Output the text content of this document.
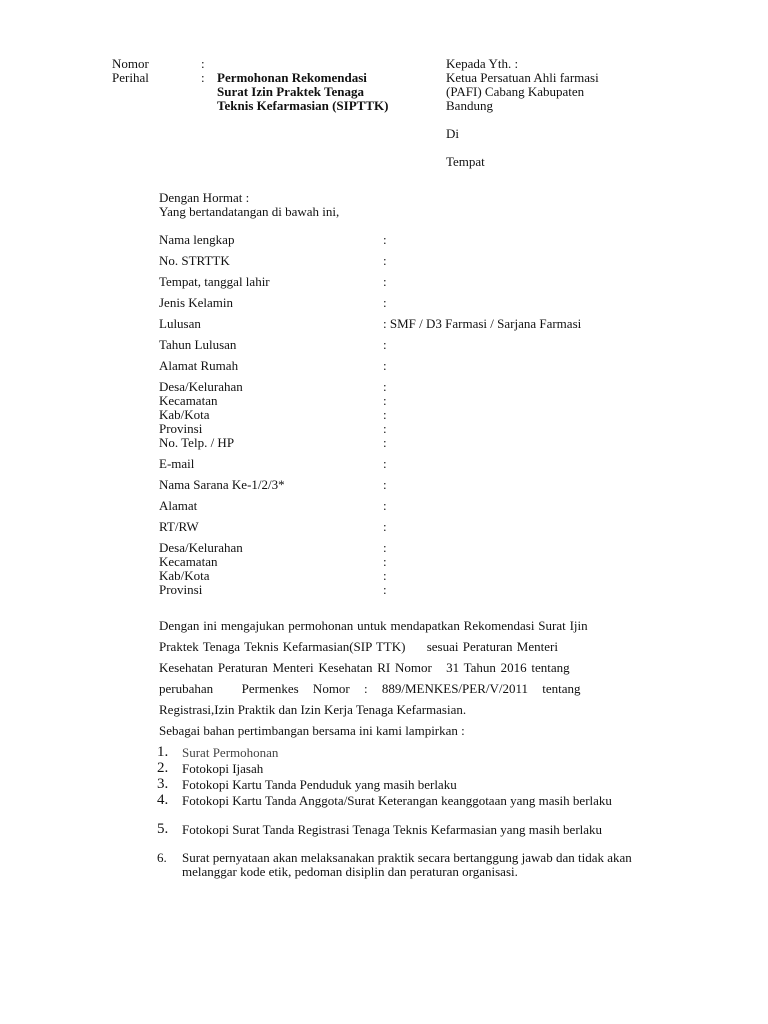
Nomor	:
Perihal	: Permohonan Rekomendasi
Surat Izin Praktek Tenaga
Teknis Kefarmasian (SIPTTK)
Kepada Yth. :
Ketua Persatuan Ahli farmasi
(PAFI) Cabang Kabupaten
Bandung
Di
Tempat
Dengan Hormat :
Yang bertandatangan di bawah ini,
Nama lengkap	:
No. STRTTK	:
Tempat, tanggal lahir	:
Jenis Kelamin	:
Lulusan	: SMF / D3 Farmasi / Sarjana Farmasi
Tahun Lulusan	:
Alamat Rumah	:
Desa/Kelurahan	:
Kecamatan	:
Kab/Kota	:
Provinsi	:
No. Telp. / HP	:
E-mail	:
Nama Sarana Ke-1/2/3*	:
Alamat	:
RT/RW	:
Desa/Kelurahan	:
Kecamatan	:
Kab/Kota	:
Provinsi	:
Dengan ini mengajukan permohonan untuk mendapatkan Rekomendasi Surat Ijin
Praktek Tenaga Teknis Kefarmasian(SIP TTK)     sesuai Peraturan Menteri
Kesehatan Peraturan Menteri Kesehatan RI Nomor   31 Tahun 2016 tentang
perubahan      Permenkes   Nomor   :   889/MENKES/PER/V/2011   tentang
Registrasi,Izin Praktik dan Izin Kerja Tenaga Kefarmasian.
Sebagai bahan pertimbangan bersama ini kami lampirkan :
1. Surat Permohonan
2. Fotokopi Ijasah
3. Fotokopi Kartu Tanda Penduduk yang masih berlaku
4. Fotokopi Kartu Tanda Anggota/Surat Keterangan keanggotaan yang masih berlaku
5. Fotokopi Surat Tanda Registrasi Tenaga Teknis Kefarmasian yang masih berlaku
6. Surat pernyataan akan melaksanakan praktik secara bertanggung jawab dan tidak akan melanggar kode etik, pedoman disiplin dan peraturan organisasi.
